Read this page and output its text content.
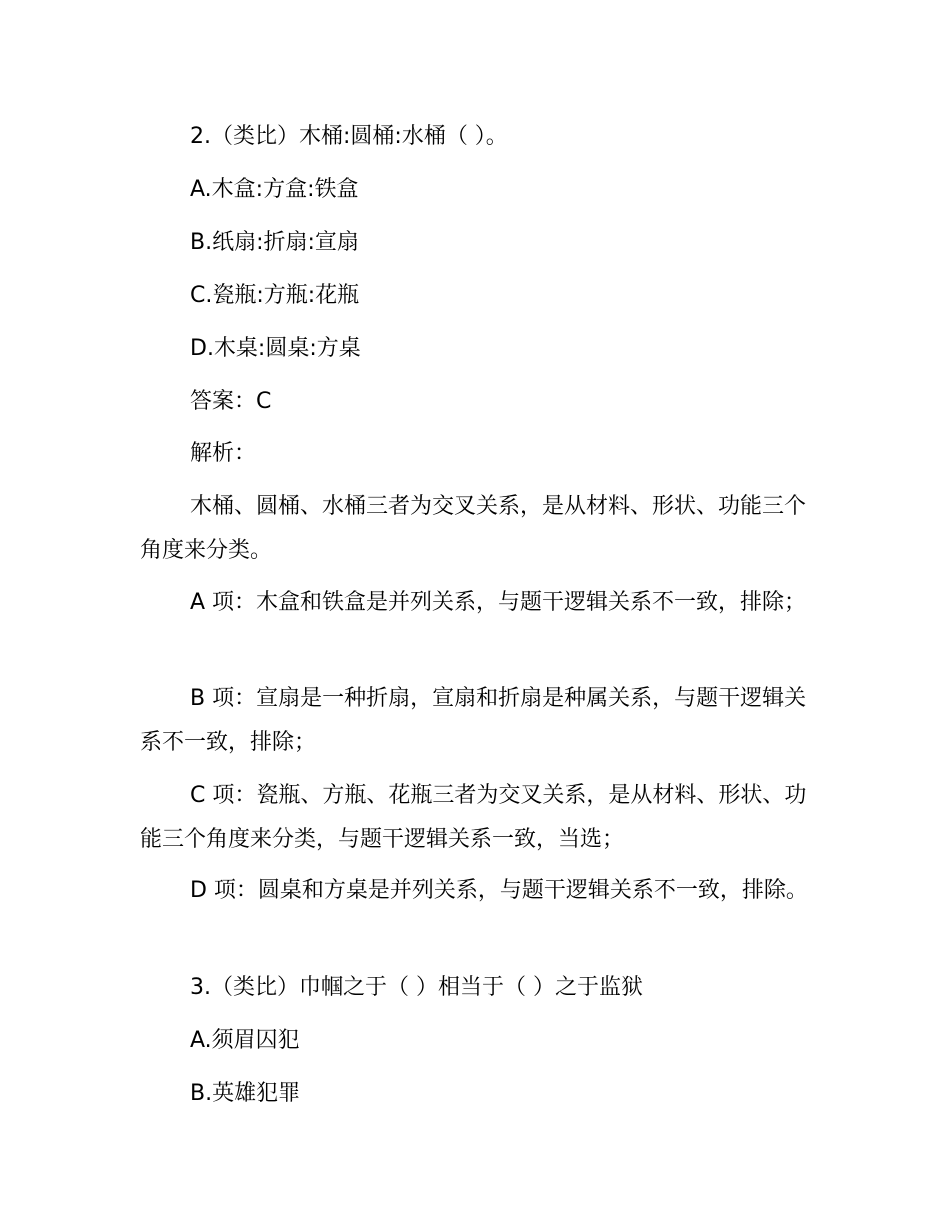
2.（类比）木桶:圆桶:水桶（ ）。
A.木盒:方盒:铁盒
B.纸扇:折扇:宣扇
C.瓷瓶:方瓶:花瓶
D.木桌:圆桌:方桌
答案：C
解析：
木桶、圆桶、水桶三者为交叉关系，是从材料、形状、功能三个角度来分类。
A 项：木盒和铁盒是并列关系，与题干逻辑关系不一致，排除；
B 项：宣扇是一种折扇，宣扇和折扇是种属关系，与题干逻辑关系不一致，排除；
C 项：瓷瓶、方瓶、花瓶三者为交叉关系，是从材料、形状、功能三个角度来分类，与题干逻辑关系一致，当选；
D 项：圆桌和方桌是并列关系，与题干逻辑关系不一致，排除。
3.（类比）巾帼之于（ ）相当于（ ）之于监狱
A.须眉囚犯
B.英雄犯罪
